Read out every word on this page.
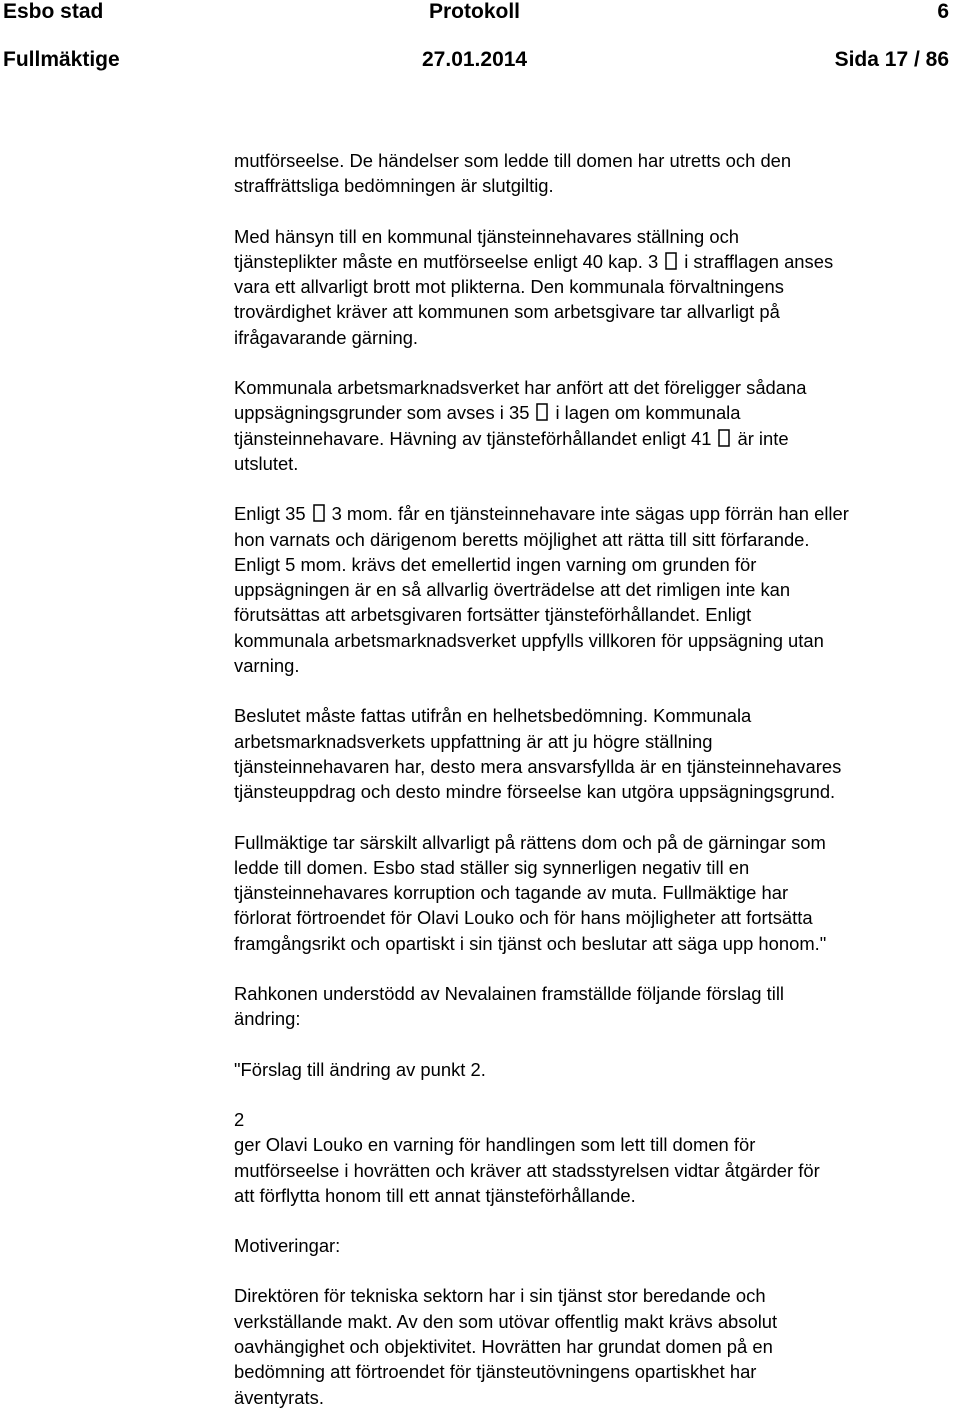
Esbo stad	Protokoll	6
Fullmäktige	27.01.2014	Sida 17 / 86

mutförseelse. De händelser som ledde till domen har utretts och den
straffrättsliga bedömningen är slutgiltig.

Med hänsyn till en kommunal tjänsteinnehavares ställning och
tjänsteplikter måste en mutförseelse enligt 40 kap. 3 i strafflagen anses
vara ett allvarligt brott mot plikterna. Den kommunala förvaltningens
trovärdighet kräver att kommunen som arbetsgivare tar allvarligt på
ifrågavarande gärning.

Kommunala arbetsmarknadsverket har anfört att det föreligger sådana
uppsägningsgrunder som avses i 35 i lagen om kommunala
tjänsteinnehavare. Hävning av tjänsteförhållandet enligt 41 är inte
utslutet.

Enligt 35 3 mom. får en tjänsteinnehavare inte sägas upp förrän han eller
hon varnats och därigenom beretts möjlighet att rätta till sitt förfarande.
Enligt 5 mom. krävs det emellertid ingen varning om grunden för
uppsägningen är en så allvarlig överträdelse att det rimligen inte kan
förutsättas att arbetsgivaren fortsätter tjänsteförhållandet. Enligt
kommunala arbetsmarknadsverket uppfylls villkoren för uppsägning utan
varning.

Beslutet måste fattas utifrån en helhetsbedömning. Kommunala
arbetsmarknadsverkets uppfattning är att ju högre ställning
tjänsteinnehavaren har, desto mera ansvarsfyllda är en tjänsteinnehavares
tjänsteuppdrag och desto mindre förseelse kan utgöra uppsägningsgrund.

Fullmäktige tar särskilt allvarligt på rättens dom och på de gärningar som
ledde till domen. Esbo stad ställer sig synnerligen negativ till en
tjänsteinnehavares korruption och tagande av muta. Fullmäktige har
förlorat förtroendet för Olavi Louko och för hans möjligheter att fortsätta
framgångsrikt och opartiskt i sin tjänst och beslutar att säga upp honom."

Rahkonen understödd av Nevalainen framställde följande förslag till
ändring:

"Förslag till ändring av punkt 2.

2
ger Olavi Louko en varning för handlingen som lett till domen för
mutförseelse i hovrätten och kräver att stadsstyrelsen vidtar åtgärder för
att förflytta honom till ett annat tjänsteförhållande.

Motiveringar:

Direktören för tekniska sektorn har i sin tjänst stor beredande och
verkställande makt. Av den som utövar offentlig makt krävs absolut
oavhängighet och objektivitet. Hovrätten har grundat domen på en
bedömning att förtroendet för tjänsteutövningens opartiskhet har
äventyrats.
